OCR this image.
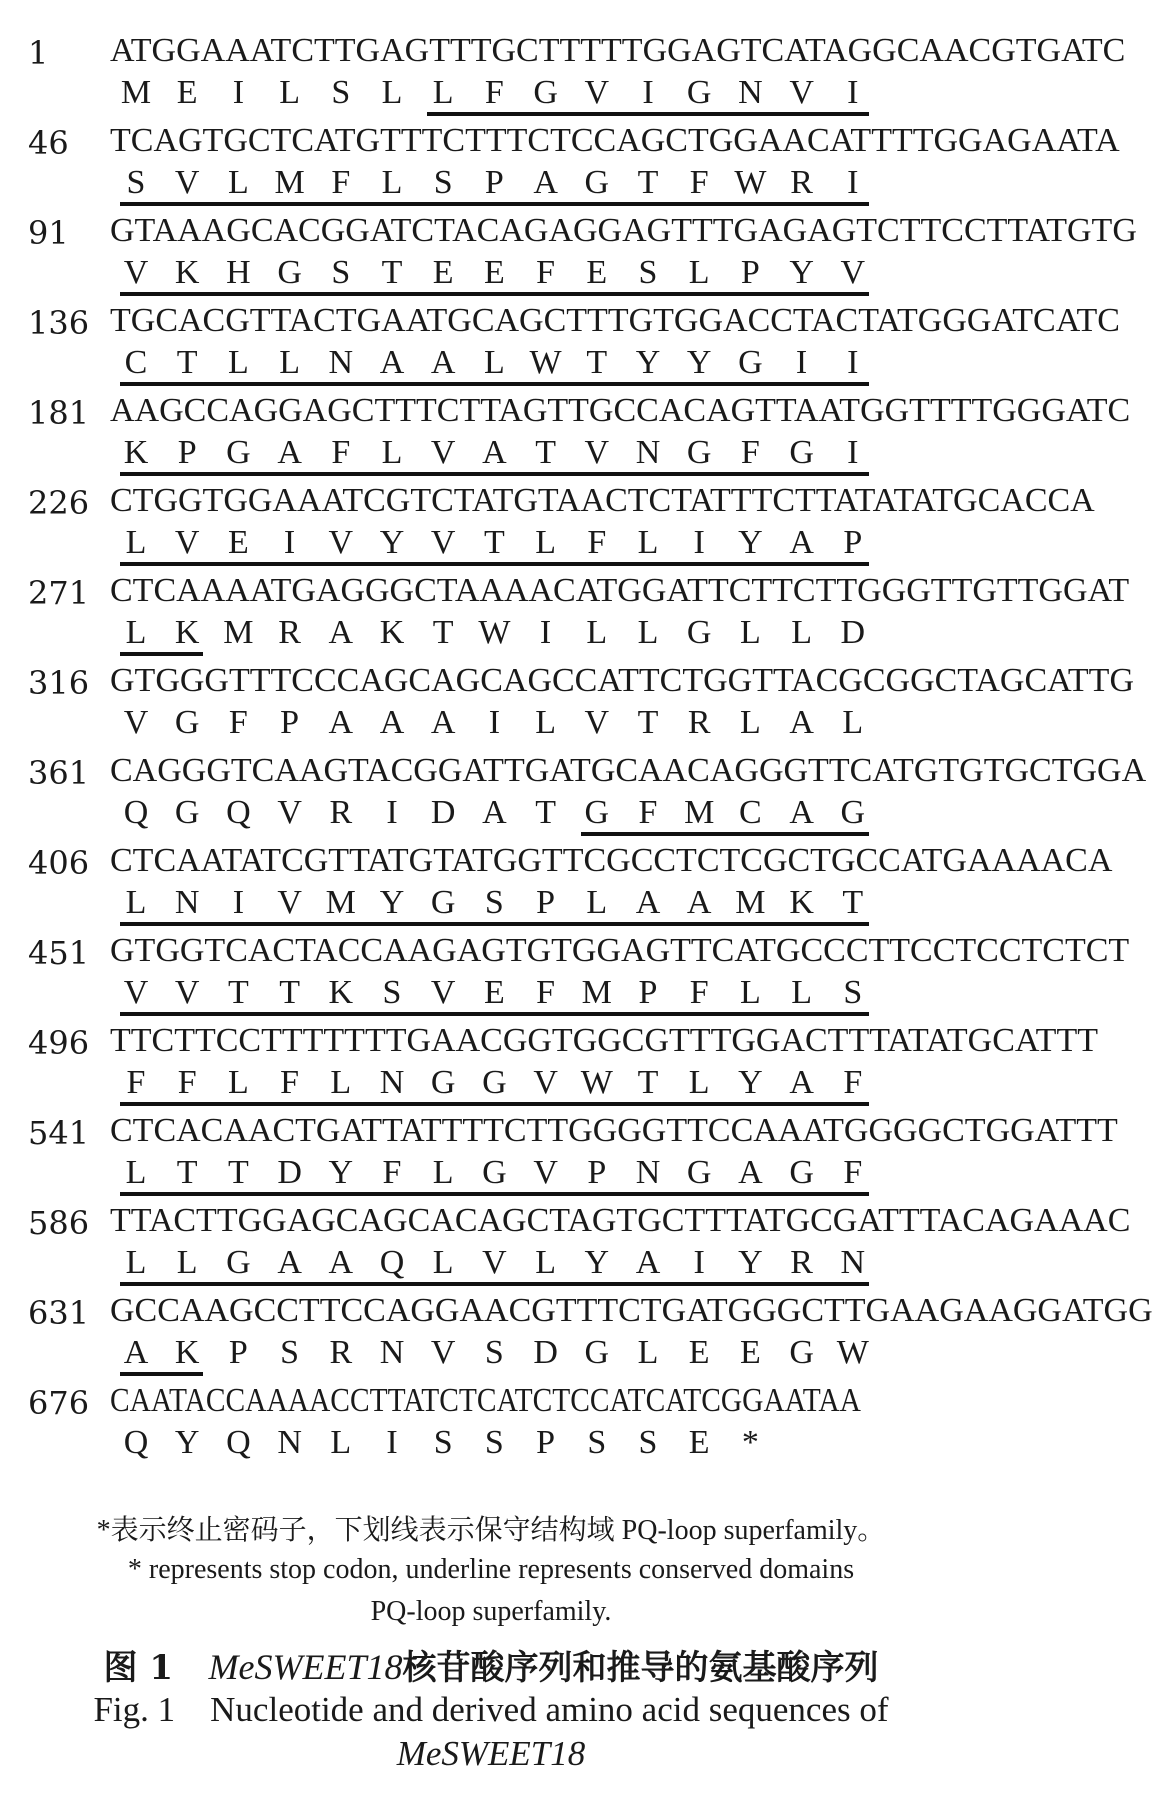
1 ATGGAAATCTTGAGTTTGCTTTTTGGAGTCATAGGCAACGTGATC
M E	I	L S L L F G V I G N V I
46 TCAGTGCTCATGTTTCTTTCTCCAGCTGGAACATTTTGGAGAATA
S V L M F L S P A G T F W R	I
91 GTAAAGCACGGATCTACAGAGGAGTTTGAGAGTCTTCCTTATGTG
V K H G S T E E F E S L P Y V
136 TGCACGTTACTGAATGCAGCTTTGTGGACCTACTATGGGATCATC
C T L L N A A L W T Y Y G I	I
181 AAGCCAGGAGCTTTCTTAGTTGCCACAGTTAATGGTTTTGGGATC
K P G A F L V A T V N G F G I
226 CTGGTGGAAATCGTCTATGTAACTCTATTTCTTATATATGCACCA
L V E	I V Y V T L F L	I Y A P
271 CTCAAAATGAGGGCTAAAACATGGATTCTTCTTGGGTTGTTGGAT
L K M R A K T W I	L L G L L D
316 GTGGGTTTCCCAGCAGCAGCCATTCTGGTTACGCGGCTAGCATTG
V G F P A A A I	L V T R L A L
361 CAGGGTCAAGTACGGATTGATGCAACAGGGTTCATGTGTGCTGGA
Q G Q V R	I D A T G F M C A G
406 CTCAATATCGTTATGTATGGTTCGCCTCTCGCTGCCATGAAAACA
L N I V M Y G S P L A A M K T
451 GTGGTCACTACCAAGAGTGTGGAGTTCATGCCCTTCCTCCTCTCT
V V T T K S V E F M P F L L S
496 TTCTTCCTTTTTTTGAACGGTGGCGTTTGGACTTTATATGCATTT
F F L F L N G G V W T L Y A F
541 CTCACAACTGATTATTTTCTTGGGGTTCCAAATGGGGCTGGATTT
L T T D Y F L G V P N G A G F
586 TTACTTGGAGCAGCACAGCTAGTGCTTTATGCGATTTACAGAAAC
L L G A A Q L V L Y A I Y R N
631 GCCAAGCCTTCCAGGAACGTTTCTGATGGGCTTGAAGAAGGATGG
A K P S R N V S D G L E E G W
676 CAATACCAAAACCTTATCTCATCTCCATCATCGGAATAA
Q Y Q N L	I	S S P S S E *
*表示终止密码子，下划线表示保守结构域 PQ-loop superfamily。
* represents stop codon, underline represents conserved domains
PQ-loop superfamily.
图 1 MeSWEET18核苷酸序列和推导的氨基酸序列
Fig. 1    Nucleotide and derived amino acid sequences of
MeSWEET18
